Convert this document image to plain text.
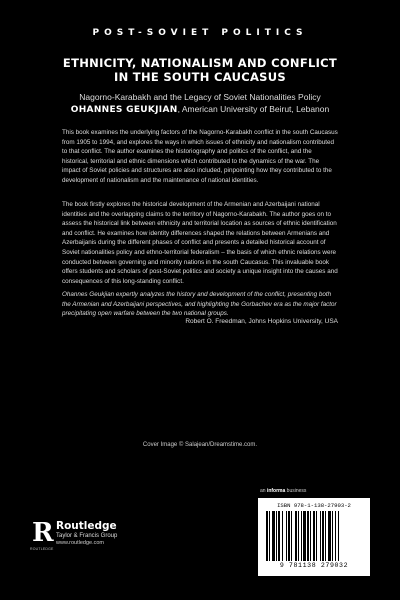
POST-SOVIET POLITICS
ETHNICITY, NATIONALISM AND CONFLICT
IN THE SOUTH CAUCASUS
Nagorno-Karabakh and the Legacy of Soviet Nationalities Policy
OHANNES GEUKJIAN, American University of Beirut, Lebanon
This book examines the underlying factors of the Nagorno-Karabakh conflict in the south Caucasus from 1905 to 1994, and explores the ways in which issues of ethnicity and nationalism contributed to that conflict. The author examines the historiography and politics of the conflict, and the historical, territorial and ethnic dimensions which contributed to the dynamics of the war. The impact of Soviet policies and structures are also included, pinpointing how they contributed to the development of nationalism and the maintenance of national identities.
The book firstly explores the historical development of the Armenian and Azerbaijani national identities and the overlapping claims to the territory of Nagorno-Karabakh. The author goes on to assess the historical link between ethnicity and territorial location as sources of ethnic identification and conflict. He examines how identity differences shaped the relations between Armenians and Azerbaijanis during the different phases of conflict and presents a detailed historical account of Soviet nationalities policy and ethno-territorial federalism – the basis of which ethnic relations were conducted between governing and minority nations in the south Caucasus. This invaluable book offers students and scholars of post-Soviet politics and society a unique insight into the causes and consequences of this long-standing conflict.
Ohannes Geukjian expertly analyzes the history and development of the conflict, presenting both the Armenian and Azerbaijani perspectives, and highlighting the Gorbachev era as the major factor precipitating open warfare between the two national groups.
Robert O. Freedman, Johns Hopkins University, USA
Cover Image © Salajean/Dreamstime.com.
R
ROUTLEDGE
Routledge
Taylor & Francis Group
www.routledge.com
an informa business
ISBN 978-1-138-27903-2
9 781138 279032
